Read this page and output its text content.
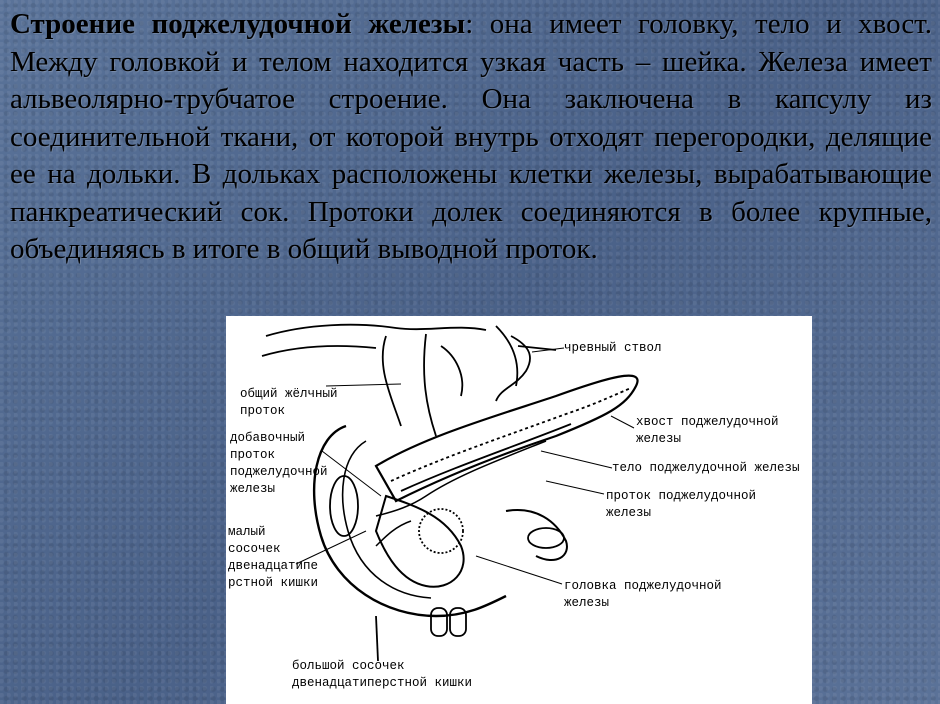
Строение поджелудочной железы: она имеет головку, тело и хвост. Между головкой и телом находится узкая часть – шейка. Железа имеет альвеолярно-трубчатое строение. Она заключена в капсулу из соединительной ткани, от которой внутрь отходят перегородки, делящие ее на дольки. В дольках расположены клетки железы, вырабатывающие панкреатический сок. Протоки долек соединяются в более крупные, объединяясь в итоге в общий выводной проток.
чревный ствол
общий жёлчный
проток
хвост поджелудочной
железы
добавочный
проток
поджелудочной
железы
тело поджелудочной железы
проток поджелудочной
железы
малый
сосочек
двенадцатипе
рстной кишки	головка поджелудочной
железы
большой сосочек
двенадцатиперстной кишки
